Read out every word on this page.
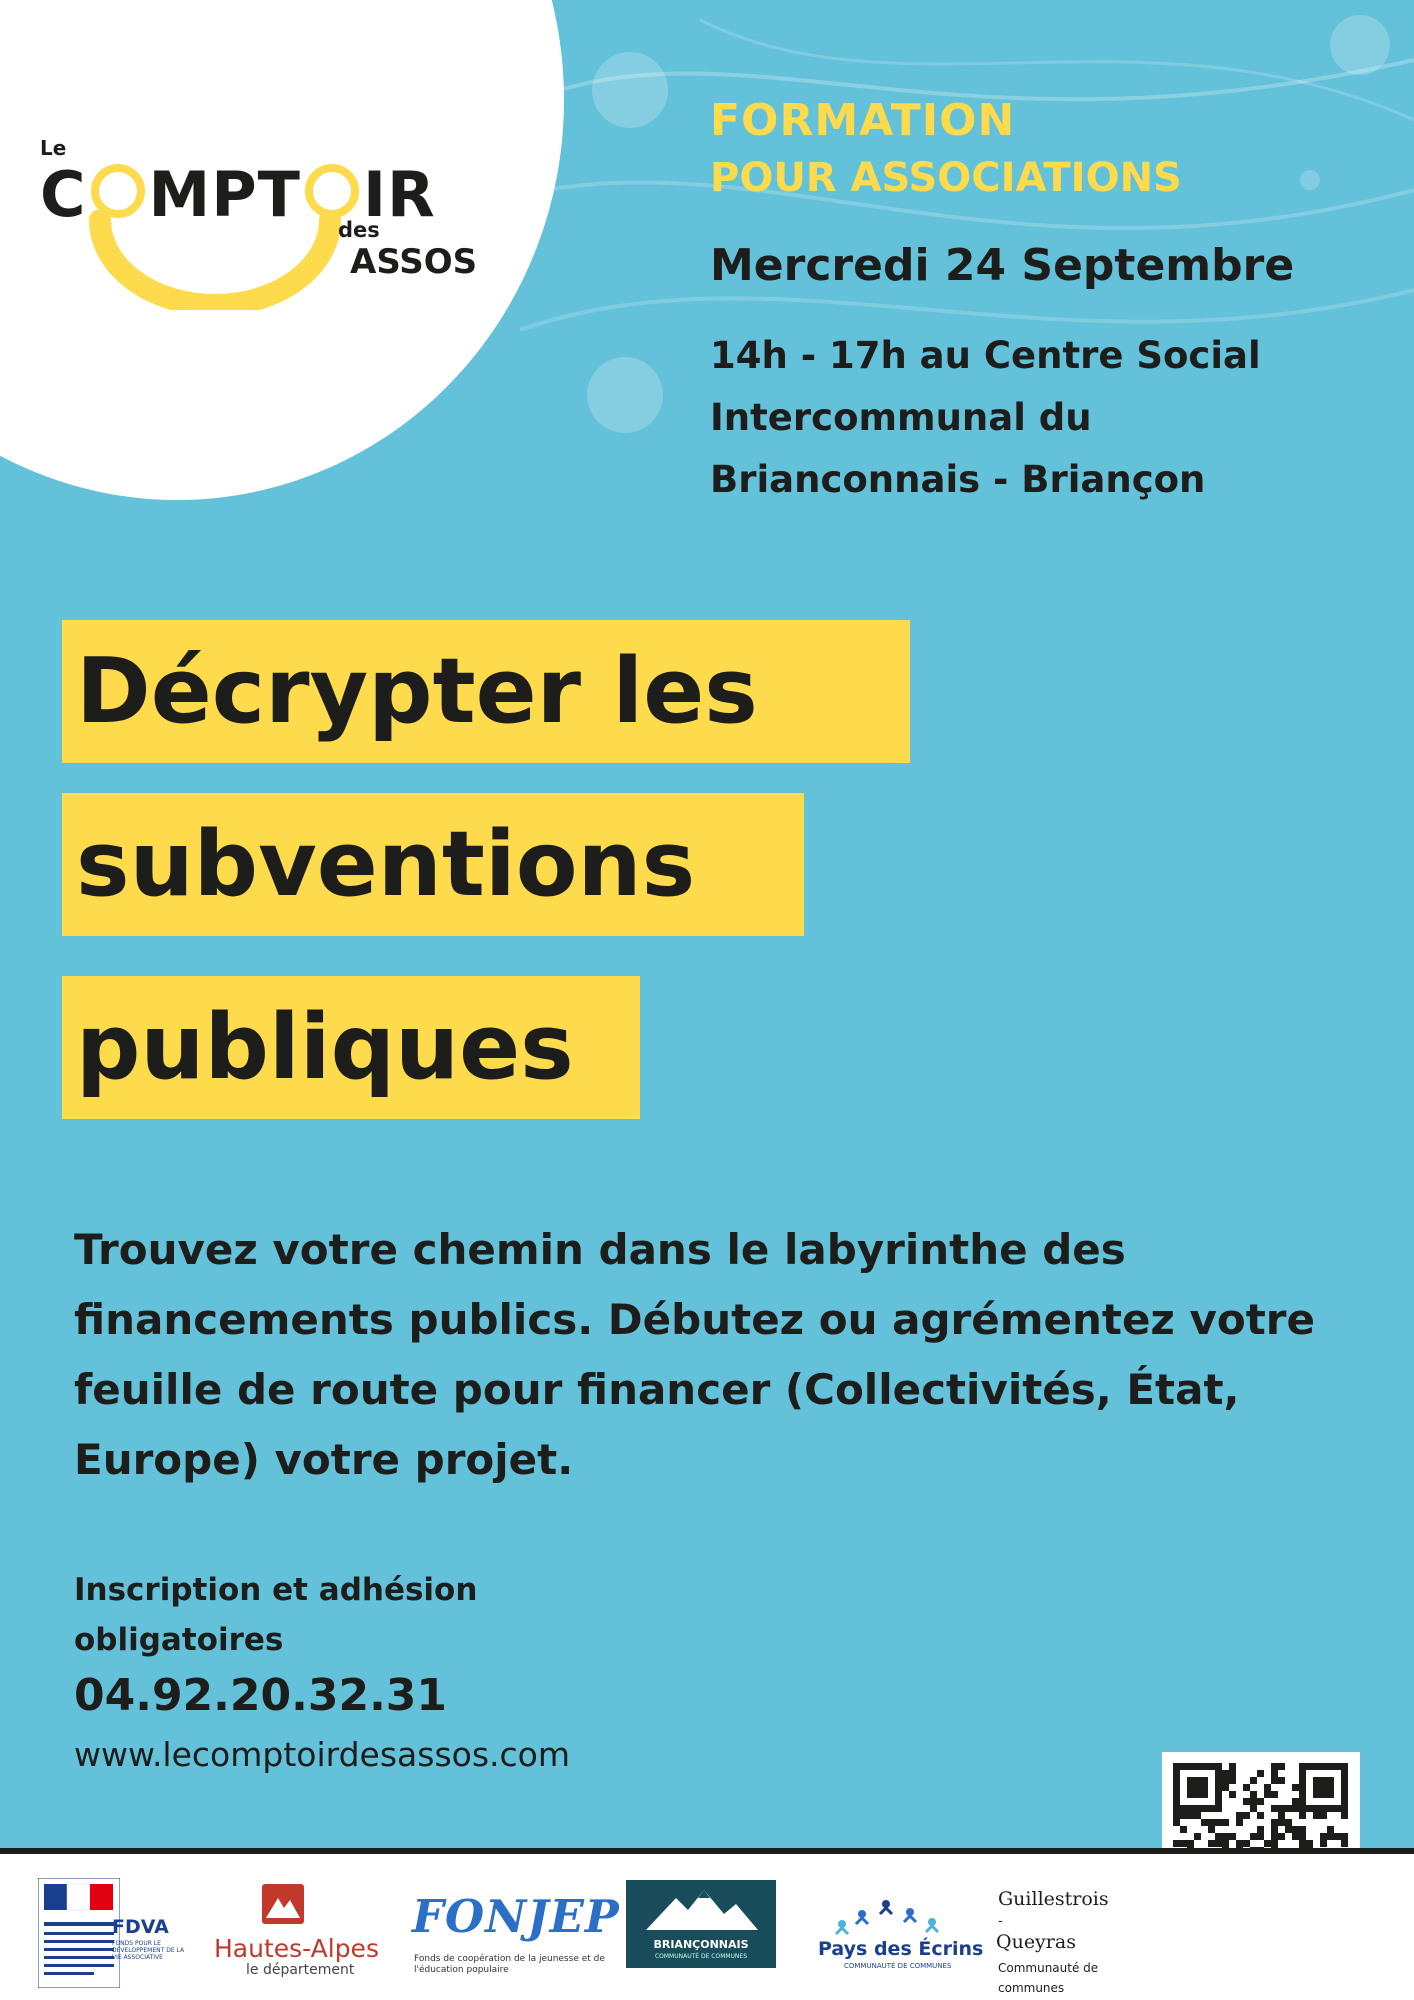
Le
C MPT IR
des
ASSOS
FORMATION
POUR ASSOCIATIONS
Mercredi 24 Septembre
14h - 17h au Centre Social
Intercommunal du
Brianconnais - Briançon
Décrypter les
subventions
publiques
Trouvez votre chemin dans le labyrinthe des
financements publics. Débutez ou agrémentez votre
feuille de route pour financer (Collectivités, État,
Europe) votre projet.
Inscription et adhésion
obligatoires
04.92.20.32.31
www.lecomptoirdesassos.com
FDVA
FONDS POUR LE DÉVELOPPEMENT DE LA VIE ASSOCIATIVE	Hautes-Alpes
le département
FONJEP
Fonds de coopération de la jeunesse et de l'éducation populaire
BRIANÇONNAIS
COMMUNAUTÉ DE COMMUNES	Pays des Écrins
COMMUNAUTÉ DE COMMUNES
Guillestrois
-
Queyras
Communauté de communes
